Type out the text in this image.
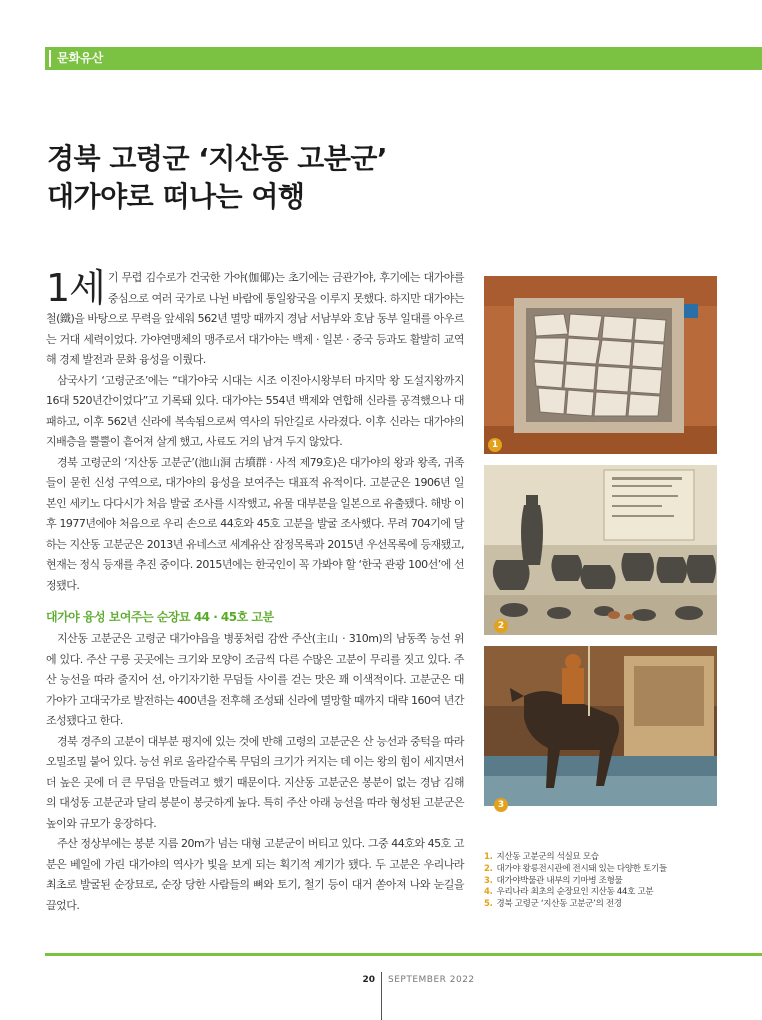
문화유산
경북 고령군 ‘지산동 고분군’
대가야로 떠나는 여행

1세 기 무렵 김수로가 건국한 가야(伽倻)는 초기에는 금관가야, 후기에는 대가야를 중심으로 여러 국가로 나뉜 바람에 통일왕국을 이루지 못했다. 하지만 대가야는 철(鐵)을 바탕으로 무력을 앞세워 562년 멸망 때까지 경남 서남부와 호남 동부 일대를 아우르는 거대 세력이었다. 가야연맹체의 맹주로서 대가야는 백제 · 일본 · 중국 등과도 활발히 교역해 경제 발전과 문화 융성을 이뤘다.

삼국사기 ‘고령군조’에는 “대가야국 시대는 시조 이진아시왕부터 마지막 왕 도설지왕까지 16대 520년간이었다”고 기록돼 있다. 대가야는 554년 백제와 연합해 신라를 공격했으나 대패하고, 이후 562년 신라에 복속됨으로써 역사의 뒤안길로 사라졌다. 이후 신라는 대가야의 지배층을 뿔뿔이 흩어져 살게 했고, 사료도 거의 남겨 두지 않았다.

경북 고령군의 ‘지산동 고분군’(池山洞 古墳群 · 사적 제79호)은 대가야의 왕과 왕족, 귀족들이 묻힌 신성 구역으로, 대가야의 융성을 보여주는 대표적 유적이다. 고분군은 1906년 일본인 세키노 다다시가 처음 발굴 조사를 시작했고, 유물 대부분을 일본으로 유출됐다. 해방 이후 1977년에야 처음으로 우리 손으로 44호와 45호 고분을 발굴 조사했다. 무려 704기에 달하는 지산동 고분군은 2013년 유네스코 세계유산 잠정목록과 2015년 우선목록에 등재됐고, 현재는 정식 등재를 추진 중이다. 2015년에는 한국인이 꼭 가봐야 할 ‘한국 관광 100선’에 선정됐다.

대가야 융성 보여주는 순장묘 44 · 45호 고분

지산동 고분군은 고령군 대가야읍을 병풍처럼 감싼 주산(主山 · 310m)의 남동쪽 능선 위에 있다. 주산 구릉 곳곳에는 크기와 모양이 조금씩 다른 수많은 고분이 무리를 짓고 있다. 주산 능선을 따라 줄지어 선, 아기자기한 무덤들 사이를 걷는 맛은 꽤 이색적이다. 고분군은 대가야가 고대국가로 발전하는 400년을 전후해 조성돼 신라에 멸망할 때까지 대략 160여 년간 조성됐다고 한다.

경북 경주의 고분이 대부분 평지에 있는 것에 반해 고령의 고분군은 산 능선과 중턱을 따라 오밀조밀 붙어 있다. 능선 위로 올라갈수록 무덤의 크기가 커지는 데 이는 왕의 힘이 세지면서 더 높은 곳에 더 큰 무덤을 만들려고 했기 때문이다. 지산동 고분군은 봉분이 없는 경남 김해의 대성동 고분군과 달리 봉분이 봉긋하게 높다. 특히 주산 아래 능선을 따라 형성된 고분군은 높이와 규모가 웅장하다.

주산 정상부에는 봉분 지름 20m가 넘는 대형 고분군이 버티고 있다. 그중 44호와 45호 고분은 베일에 가린 대가야의 역사가 빛을 보게 되는 획기적 계기가 됐다. 두 고분은 우리나라 최초로 발굴된 순장묘로, 순장 당한 사람들의 뼈와 토기, 철기 등이 대거 쏟아져 나와 눈길을 끌었다.

1
2
3
1. 지산동 고분군의 석실묘 모습
2. 대가야 왕릉전시관에 전시돼 있는 다양한 토기들
3. 대가야박물관 내부의 기마병 조형물
4. 우리나라 최초의 순장묘인 지산동 44호 고분
5. 경북 고령군 ‘지산동 고분군’의 전경
20 SEPTEMBER 2022
